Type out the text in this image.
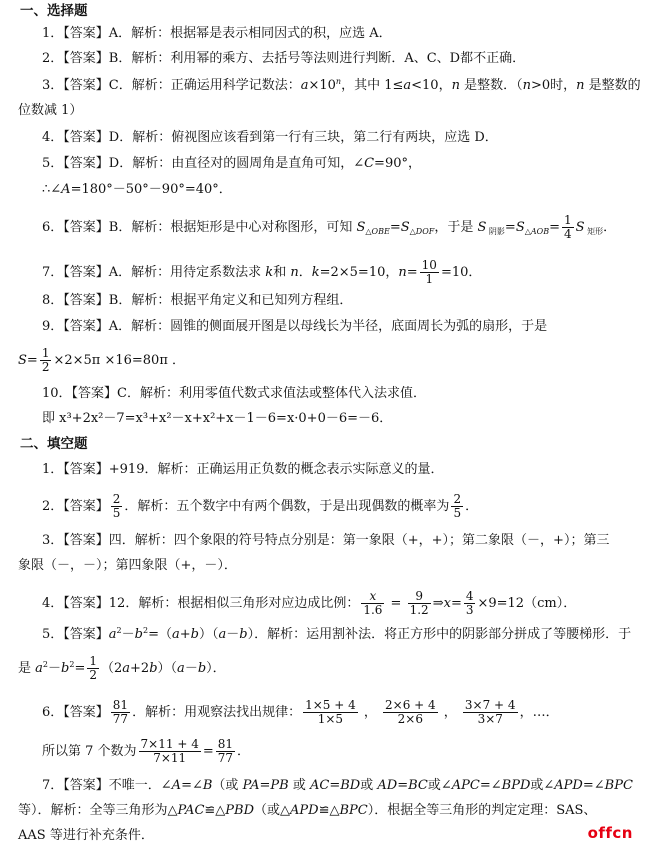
一、选择题
1．【答案】A．解析：根据幂是表示相同因式的积，应选 A．
2．【答案】B．解析：利用幂的乘方、去括号等法则进行判断．A、C、D都不正确．
3．【答案】C．解析：正确运用科学记数法：$a\times 10^n$，其中 1≤a<10，n 是整数．（n>0时，n 是整数的
位数减 1）
4．【答案】D．解析：俯视图应该看到第一行有三块，第二行有两块，应选 D．
5．【答案】D．解析：由直径对的圆周角是直角可知，∠C=90°，
∴∠A=180°－50°－90°=40°．
6．【答案】B．解析：根据矩形是中心对称图形，可知 $S_{\triangle OBE}=S_{\triangle DOF}$，于是 S $_{阴影}=S_{\triangle AOB}= \frac{1}{4}$ S $_{矩形}$．
7．【答案】A．解析：用待定系数法求 k和 n．k=2×5=10，$n= \frac{10}{1} =10$．
8．【答案】B．解析：根据平角定义和已知列方程组．
9．【答案】A．解析：圆锥的侧面展开图是以母线长为半径，底面周长为弧的扇形，于是
$S= \frac{1}{2} \times 2\times 5\pi \times 16=80\pi$ ．
10．【答案】C．解析：利用零值代数式求值法或整体代入法求值．
即 x³+2x²－7=x³+x²－x+x²+x－1－6=x·0+0－6=－6．
二、填空题
1．【答案】+919．解析：正确运用正负数的概念表示实际意义的量．
2．【答案】 $\frac{2}{5}$ ．解析：五个数字中有两个偶数，于是出现偶数的概率为 $\frac{2}{5}$ ．
3．【答案】四．解析：四个象限的符号特点分别是：第一象限（+，+）；第二象限（－，+）；第三
象限（－，－）；第四象限（+，－）．
4．【答案】12．解析：根据相似三角形对应边成比例： $\frac{x}{1.6} = \frac{9}{1.2}$ ⇒x= $\frac{4}{3} \times 9=12(cm)$．
5．【答案】$a^2-b^2=(a+b)(a-b)$．解析：运用割补法．将正方形中的阴影部分拼成了等腰梯形．于
是 $a^2-b^2= \frac{1}{2} (2a+2b)(a-b)$．
6．【答案】 $\frac{81}{77}$ ．解析：用观察法找出规律： $\frac{1\times 5 + 4}{1\times 5}$ ， $\frac{2\times 6 + 4}{2\times 6}$ ， $\frac{3\times 7 + 4}{3\times 7}$ ，…．
所以第 7 个数为 $\frac{7\times 11 + 4}{7\times 11} = \frac{81}{77}$ ．
7．【答案】不唯一．∠A=∠B（或 PA=PB 或 AC=BD或 AD=BC或∠APC=∠BPD或∠APD=∠BPC
等）．解析：全等三角形为△PAC≌△PBD（或△APD≌△BPC）．根据全等三角形的判定定理：SAS、
AAS 等进行补充条件．	offcn
